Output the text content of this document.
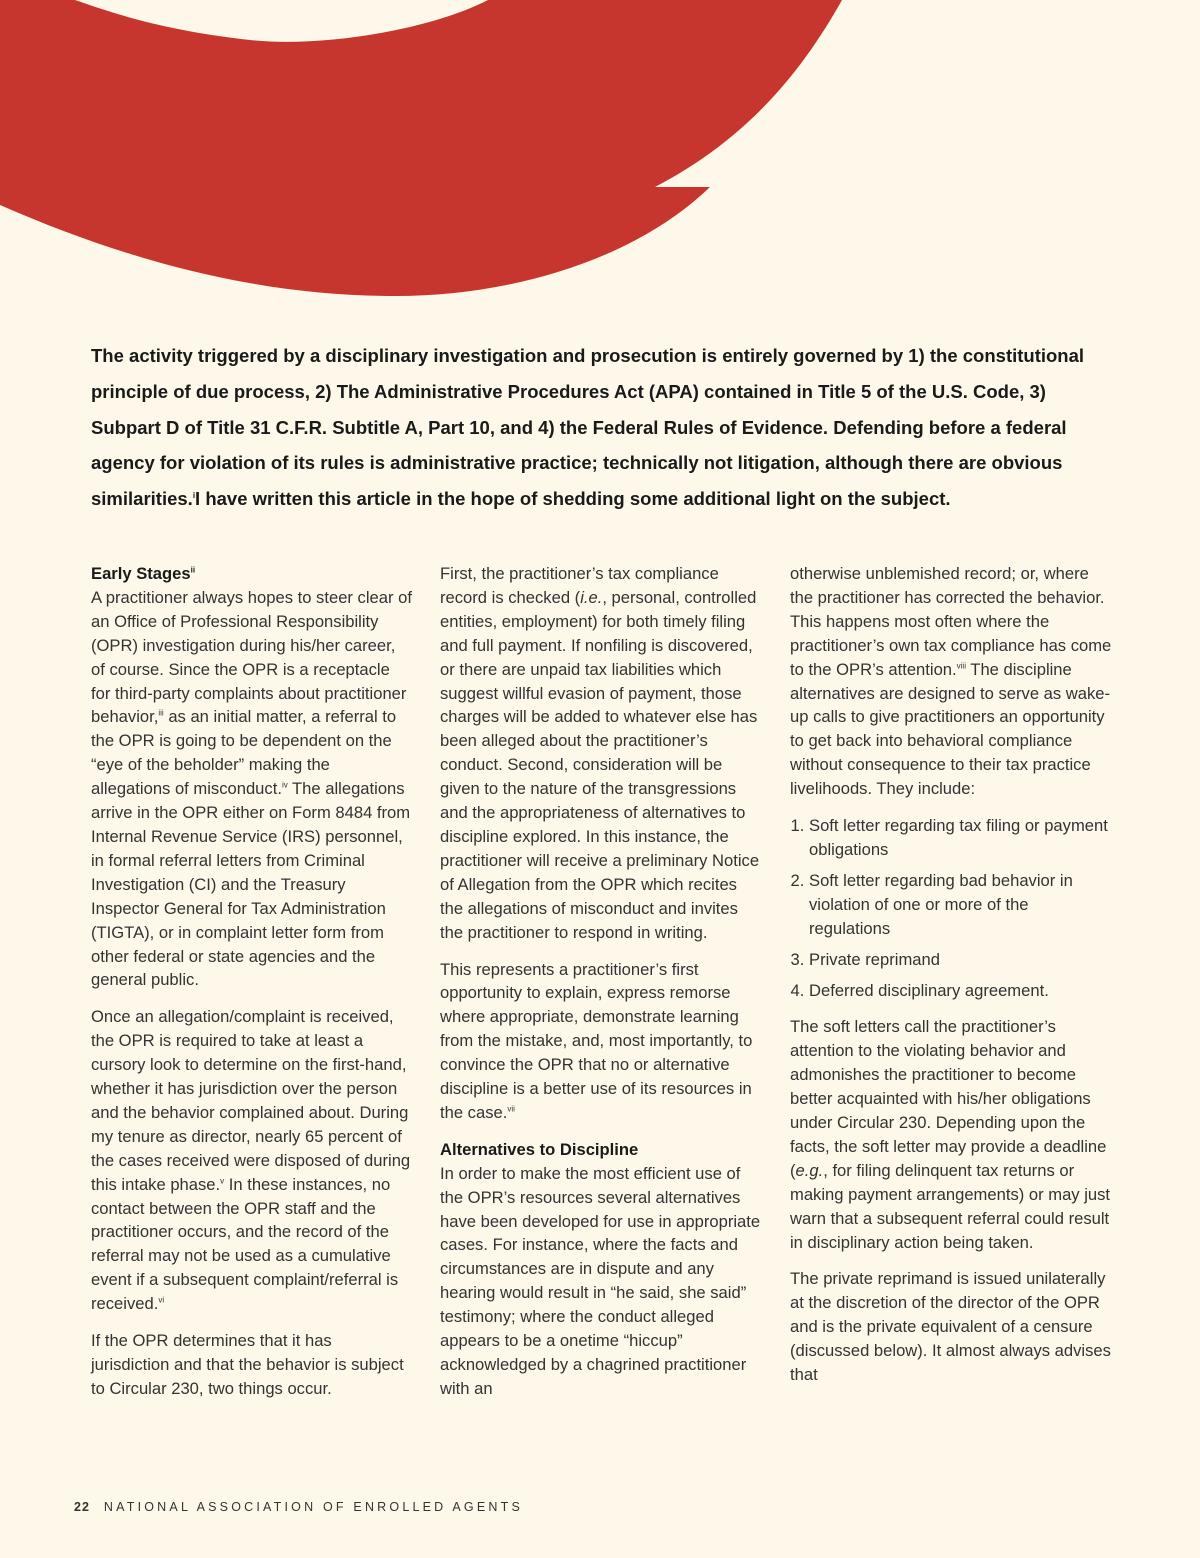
The activity triggered by a disciplinary investigation and prosecution is entirely governed by 1) the constitutional principle of due process, 2) The Administrative Procedures Act (APA) contained in Title 5 of the U.S. Code, 3) Subpart D of Title 31 C.F.R. Subtitle A, Part 10, and 4) the Federal Rules of Evidence. Defending before a federal agency for violation of its rules is administrative practice; technically not litigation, although there are obvious similarities.$^i$I have written this article in the hope of shedding some additional light on the subject.

Early Stages$^{ii}$

A practitioner always hopes to steer clear of an Office of Professional Responsibility (OPR) investigation during his/her career, of course. Since the OPR is a receptacle for third-party complaints about practitioner behavior,$^{iii}$ as an initial matter, a referral to the OPR is going to be dependent on the “eye of the beholder” making the allegations of misconduct.$^{iv}$ The allegations arrive in the OPR either on Form 8484 from Internal Revenue Service (IRS) personnel, in formal referral letters from Criminal Investigation (CI) and the Treasury Inspector General for Tax Administration (TIGTA), or in complaint letter form from other federal or state agencies and the general public.

Once an allegation/complaint is received, the OPR is required to take at least a cursory look to determine on the first-hand, whether it has jurisdiction over the person and the behavior complained about. During my tenure as director, nearly 65 percent of the cases received were disposed of during this intake phase.$^v$ In these instances, no contact between the OPR staff and the practitioner occurs, and the record of the referral may not be used as a cumulative event if a subsequent complaint/referral is received.$^{vi}$

If the OPR determines that it has jurisdiction and that the behavior is subject to Circular 230, two things occur.

First, the practitioner’s tax compliance record is checked (i.e., personal, controlled entities, employment) for both timely filing and full payment. If nonfiling is discovered, or there are unpaid tax liabilities which suggest willful evasion of payment, those charges will be added to whatever else has been alleged about the practitioner’s conduct. Second, consideration will be given to the nature of the transgressions and the appropriateness of alternatives to discipline explored. In this instance, the practitioner will receive a preliminary Notice of Allegation from the OPR which recites the allegations of misconduct and invites the practitioner to respond in writing.

This represents a practitioner’s first opportunity to explain, express remorse where appropriate, demonstrate learning from the mistake, and, most importantly, to convince the OPR that no or alternative discipline is a better use of its resources in the case.$^{vii}$

Alternatives to Discipline

In order to make the most efficient use of the OPR’s resources several alternatives have been developed for use in appropriate cases. For instance, where the facts and circumstances are in dispute and any hearing would result in “he said, she said” testimony; where the conduct alleged appears to be a onetime “hiccup” acknowledged by a chagrined practitioner with an

otherwise unblemished record; or, where the practitioner has corrected the behavior. This happens most often where the practitioner’s own tax compliance has come to the OPR’s attention.$^{viii}$ The discipline alternatives are designed to serve as wake-up calls to give practitioners an opportunity to get back into behavioral compliance without consequence to their tax practice livelihoods. They include:

1. Soft letter regarding tax filing or payment obligations
2. Soft letter regarding bad behavior in violation of one or more of the regulations
3. Private reprimand
4. Deferred disciplinary agreement.

The soft letters call the practitioner’s attention to the violating behavior and admonishes the practitioner to become better acquainted with his/her obligations under Circular 230. Depending upon the facts, the soft letter may provide a deadline (e.g., for filing delinquent tax returns or making payment arrangements) or may just warn that a subsequent referral could result in disciplinary action being taken.

The private reprimand is issued unilaterally at the discretion of the director of the OPR and is the private equivalent of a censure (discussed below). It almost always advises that

22 NATIONAL ASSOCIATION OF ENROLLED AGENTS
